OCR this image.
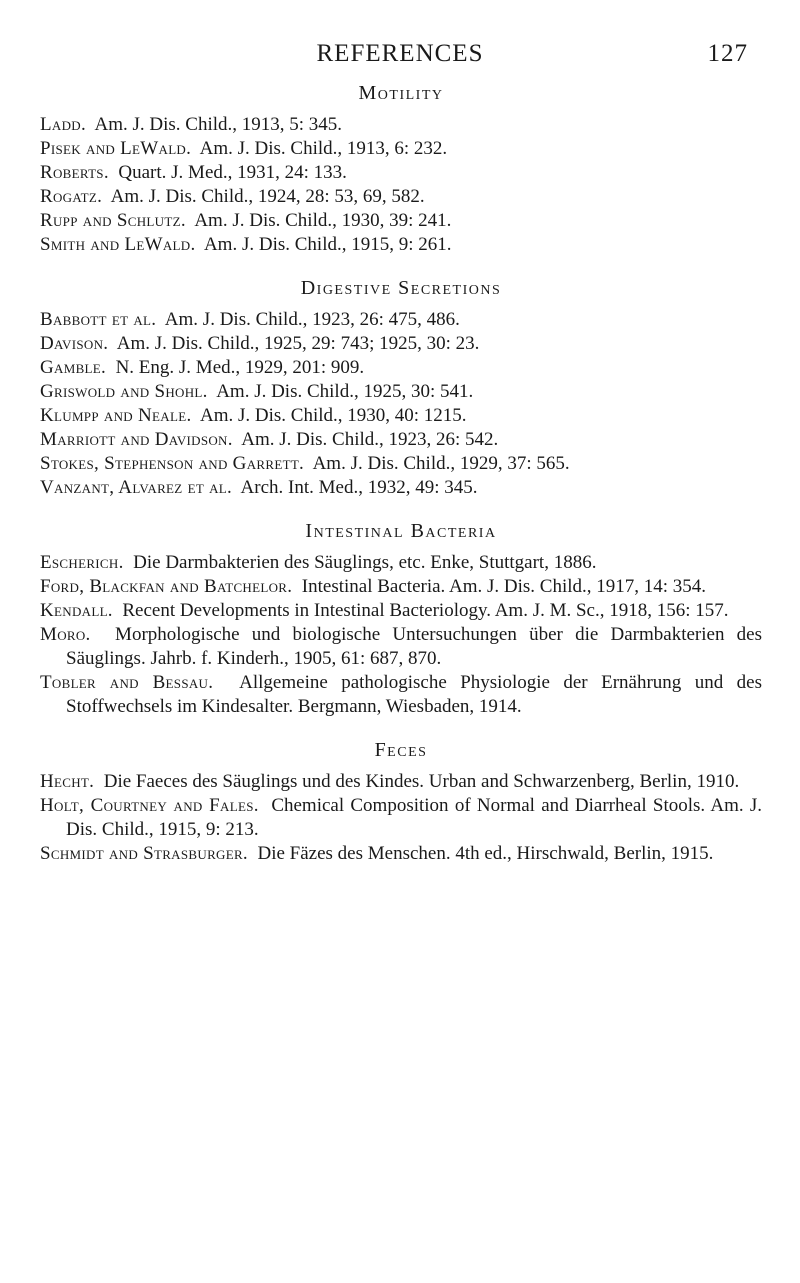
REFERENCES	127
Motility

Ladd. Am. J. Dis. Child., 1913, 5: 345.

Pisek and LeWald. Am. J. Dis. Child., 1913, 6: 232.

Roberts. Quart. J. Med., 1931, 24: 133.

Rogatz. Am. J. Dis. Child., 1924, 28: 53, 69, 582.

Rupp and Schlutz. Am. J. Dis. Child., 1930, 39: 241.

Smith and LeWald. Am. J. Dis. Child., 1915, 9: 261.

Digestive Secretions

Babbott et al. Am. J. Dis. Child., 1923, 26: 475, 486.

Davison. Am. J. Dis. Child., 1925, 29: 743; 1925, 30: 23.

Gamble. N. Eng. J. Med., 1929, 201: 909.

Griswold and Shohl. Am. J. Dis. Child., 1925, 30: 541.

Klumpp and Neale. Am. J. Dis. Child., 1930, 40: 1215.

Marriott and Davidson. Am. J. Dis. Child., 1923, 26: 542.

Stokes, Stephenson and Garrett. Am. J. Dis. Child., 1929, 37: 565.

Vanzant, Alvarez et al. Arch. Int. Med., 1932, 49: 345.

Intestinal Bacteria

Escherich. Die Darmbakterien des Säuglings, etc. Enke, Stuttgart, 1886.

Ford, Blackfan and Batchelor. Intestinal Bacteria. Am. J. Dis. Child., 1917, 14: 354.

Kendall. Recent Developments in Intestinal Bacteriology. Am. J. M. Sc., 1918, 156: 157.

Moro. Morphologische und biologische Untersuchungen über die Darmbakterien des Säuglings. Jahrb. f. Kinderh., 1905, 61: 687, 870.

Tobler and Bessau. Allgemeine pathologische Physiologie der Ernährung und des Stoffwechsels im Kindesalter. Bergmann, Wiesbaden, 1914.

Feces

Hecht. Die Faeces des Säuglings und des Kindes. Urban and Schwarzenberg, Berlin, 1910.

Holt, Courtney and Fales. Chemical Composition of Normal and Diarrheal Stools. Am. J. Dis. Child., 1915, 9: 213.

Schmidt and Strasburger. Die Fäzes des Menschen. 4th ed., Hirschwald, Berlin, 1915.
